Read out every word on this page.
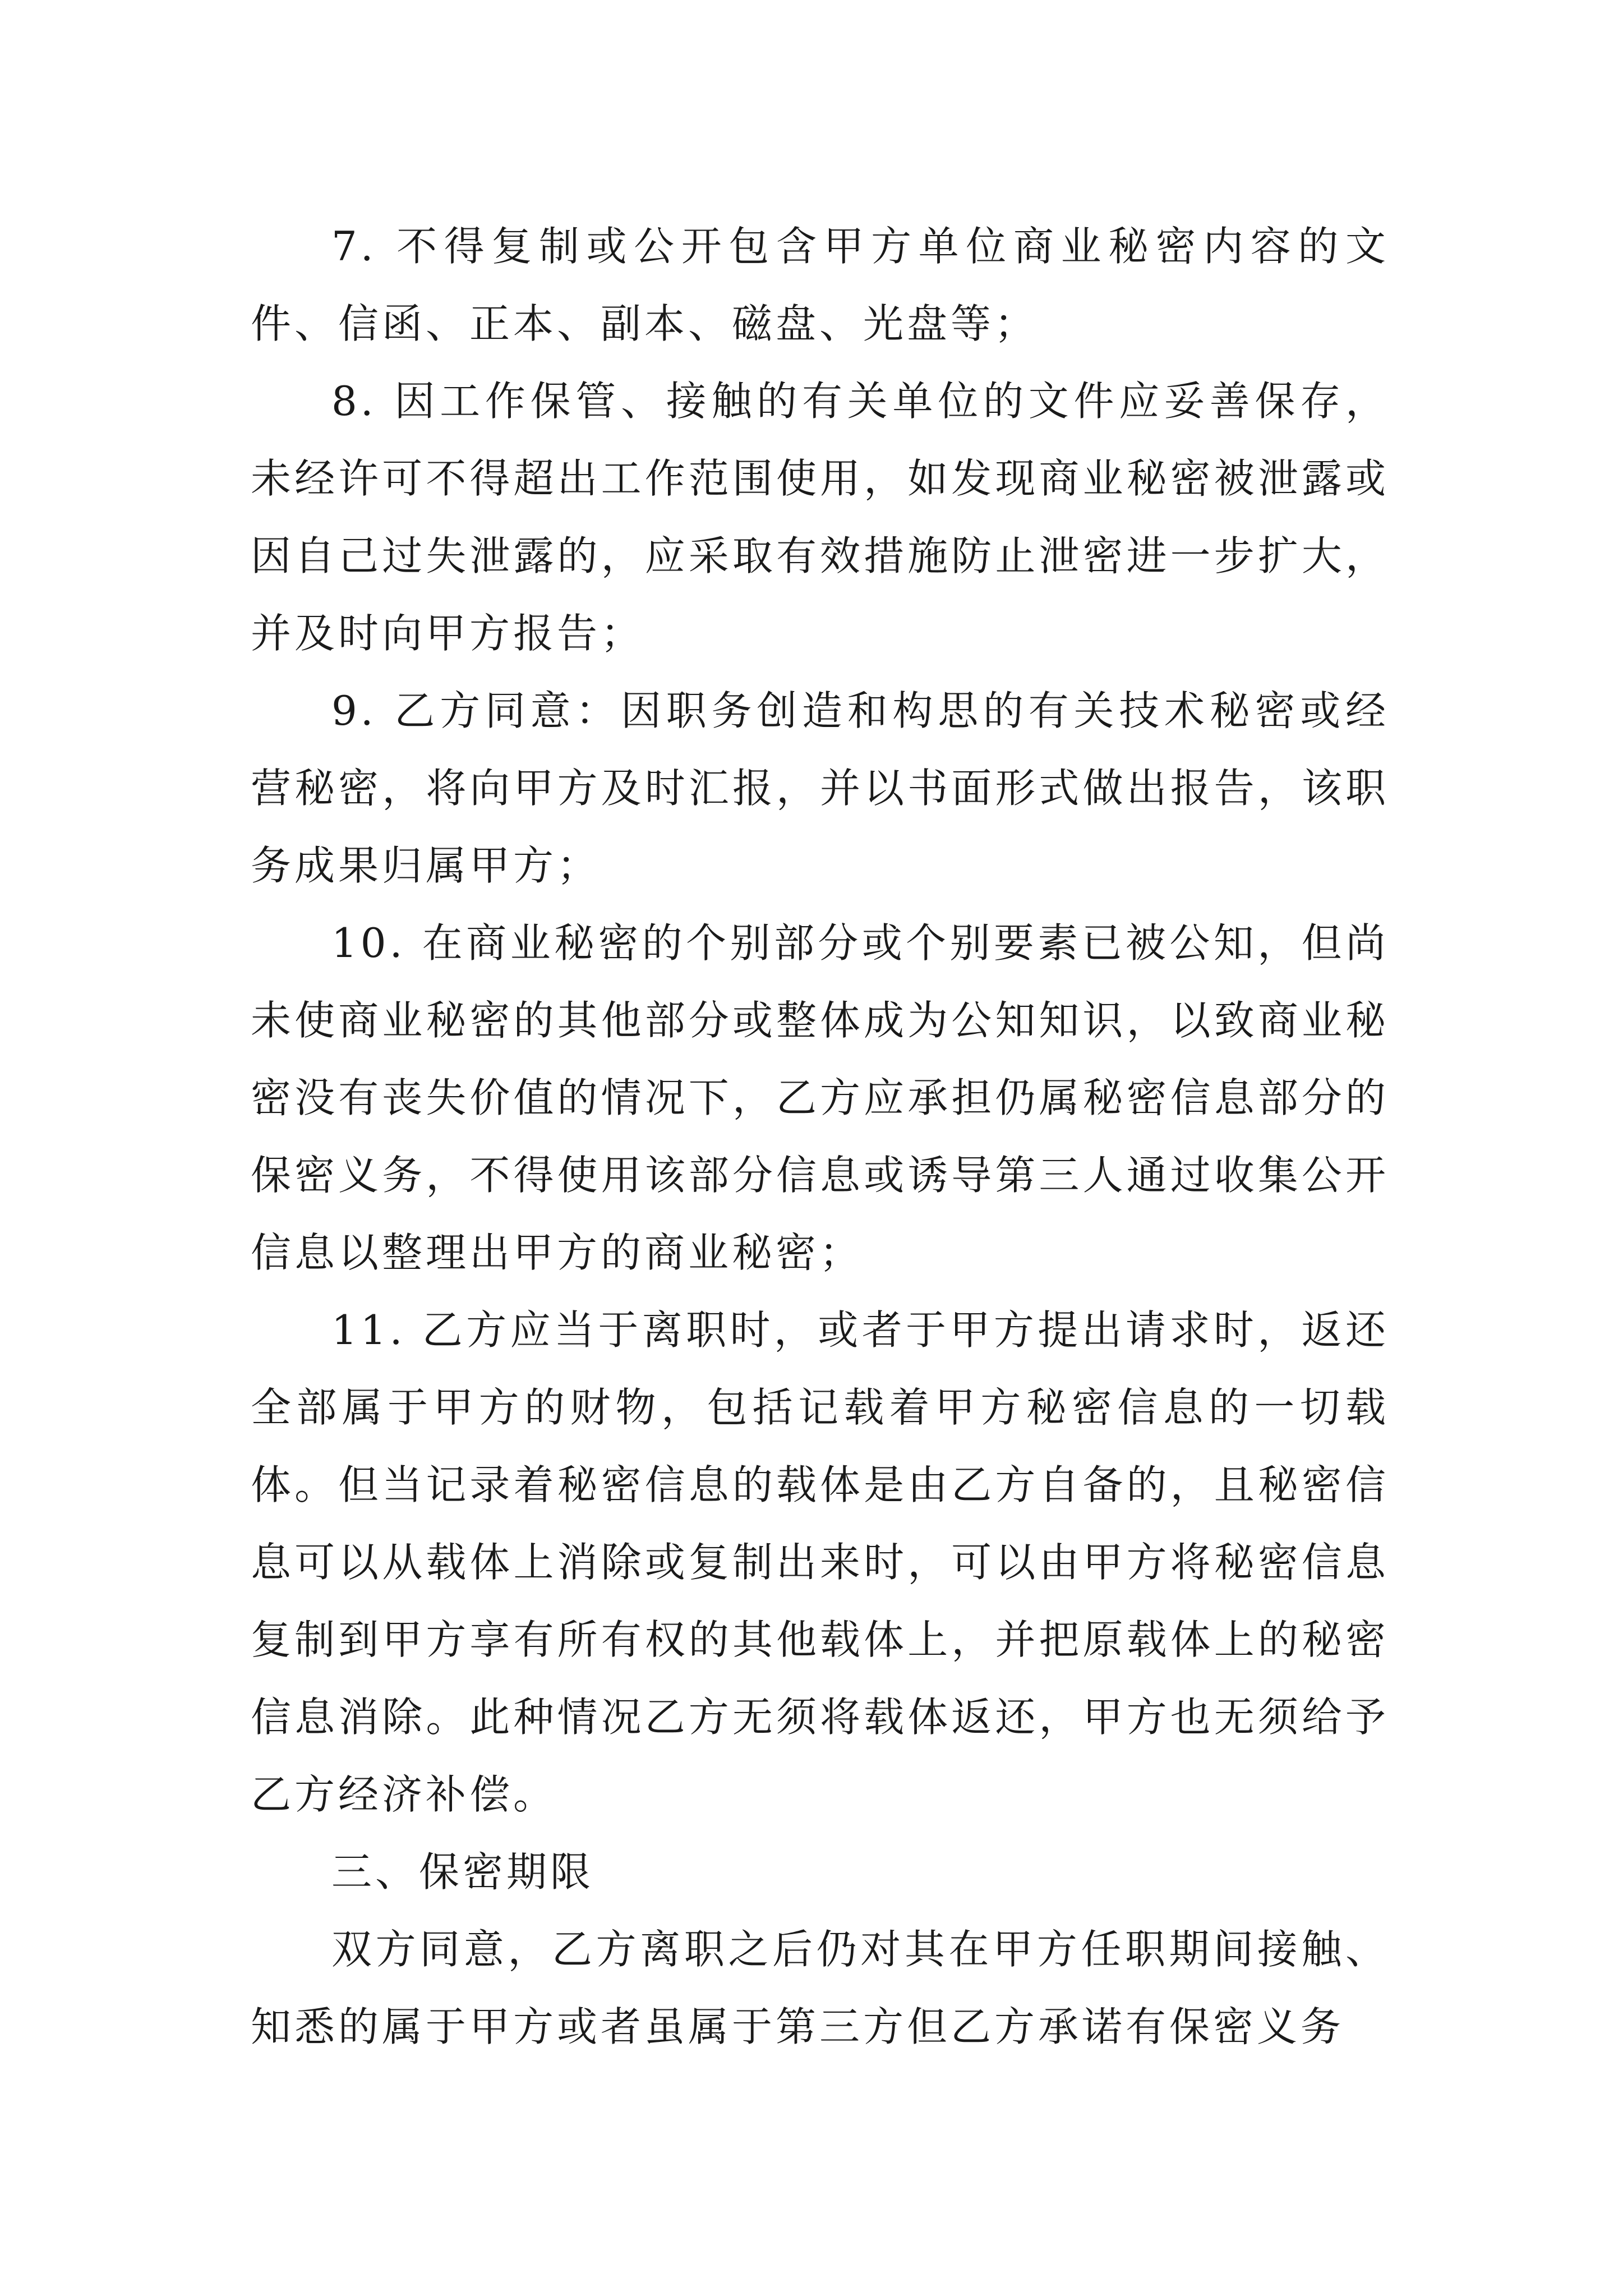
7. 不得复制或公开包含甲方单位商业秘密内容的文件、信函、正本、副本、磁盘、光盘等；

8. 因工作保管、接触的有关单位的文件应妥善保存，未经许可不得超出工作范围使用，如发现商业秘密被泄露或因自己过失泄露的，应采取有效措施防止泄密进一步扩大，并及时向甲方报告；

9. 乙方同意：因职务创造和构思的有关技术秘密或经营秘密，将向甲方及时汇报，并以书面形式做出报告，该职务成果归属甲方；

10. 在商业秘密的个别部分或个别要素已被公知，但尚未使商业秘密的其他部分或整体成为公知知识，以致商业秘密没有丧失价值的情况下，乙方应承担仍属秘密信息部分的保密义务，不得使用该部分信息或诱导第三人通过收集公开信息以整理出甲方的商业秘密；

11. 乙方应当于离职时，或者于甲方提出请求时，返还全部属于甲方的财物，包括记载着甲方秘密信息的一切载体。但当记录着秘密信息的载体是由乙方自备的，且秘密信息可以从载体上消除或复制出来时，可以由甲方将秘密信息复制到甲方享有所有权的其他载体上，并把原载体上的秘密信息消除。此种情况乙方无须将载体返还，甲方也无须给予乙方经济补偿。

三、保密期限

双方同意，乙方离职之后仍对其在甲方任职期间接触、知悉的属于甲方或者虽属于第三方但乙方承诺有保密义务
